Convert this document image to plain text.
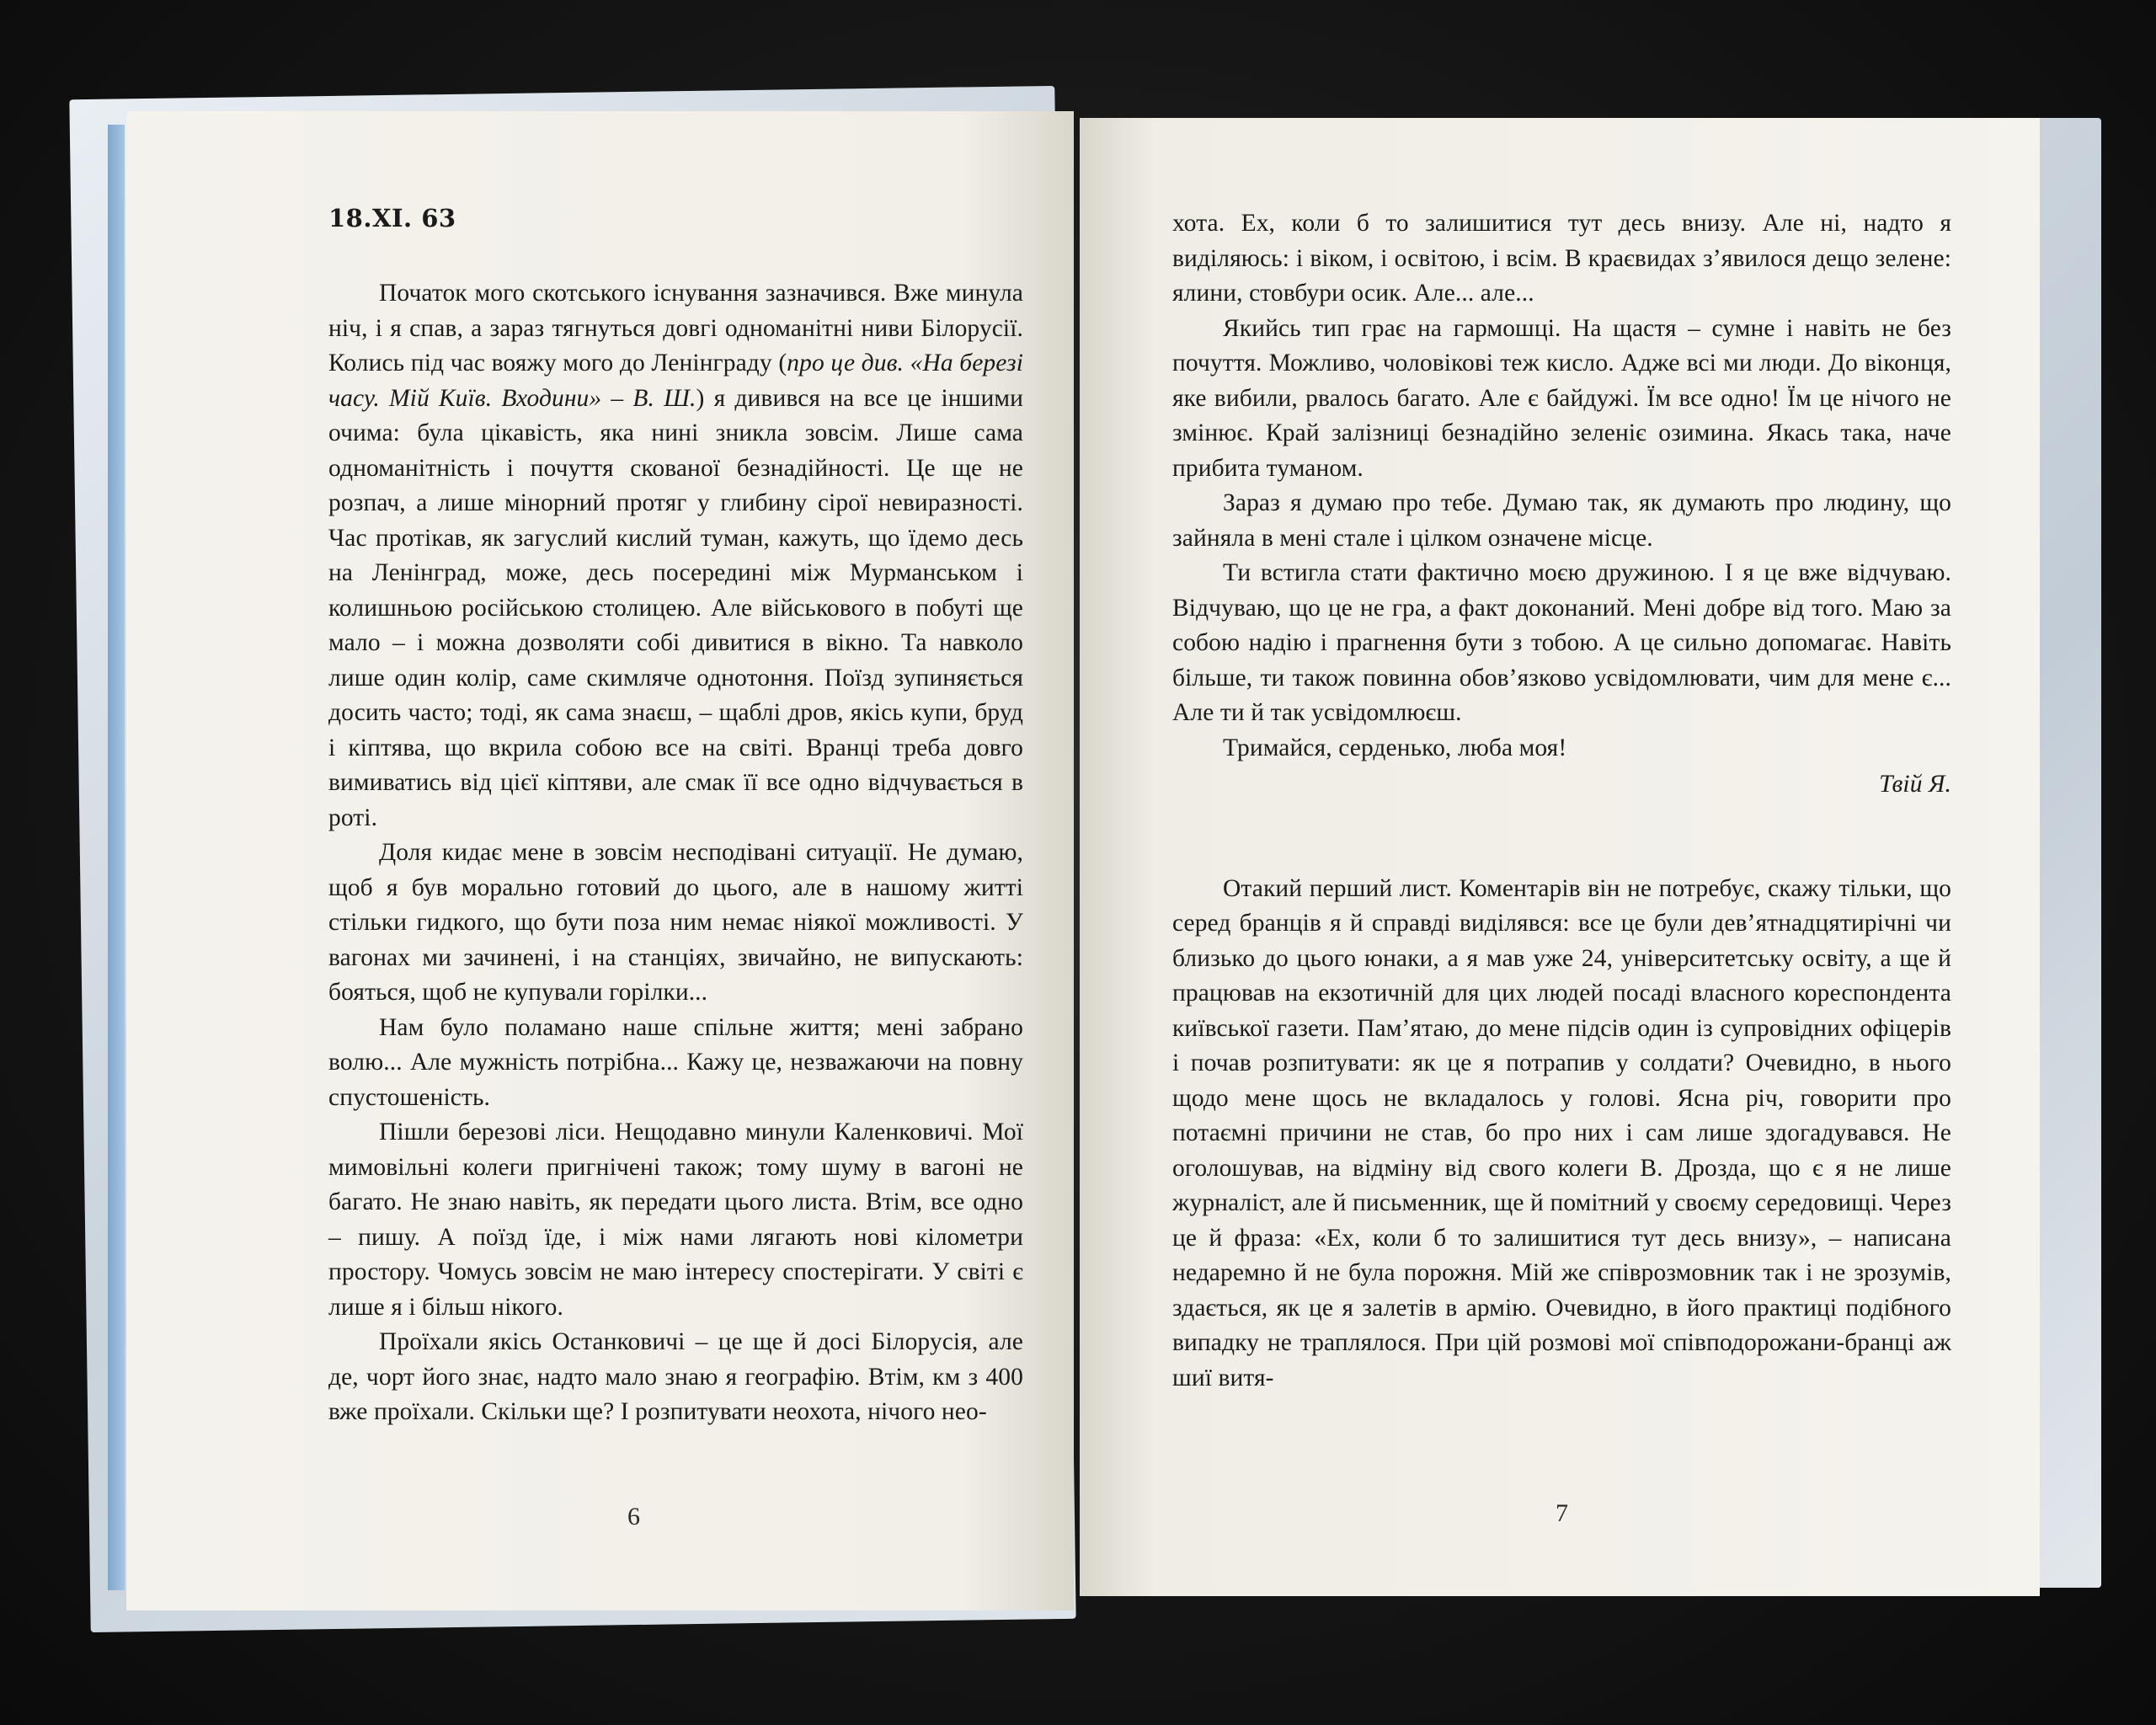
18.XI. 63

Початок мого скотського існування зазначився. Вже минула ніч, і я спав, а зараз тягнуться довгі одноманітні ниви Білорусії. Колись під час вояжу мого до Ленінграду (про це див. «На березі часу. Мій Київ. Входини» – В. Ш.) я дивився на все це іншими очима: була цікавість, яка нині зникла зовсім. Лише сама одноманітність і почуття скованої безнадійності. Це ще не розпач, а лише мінорний протяг у глибину сірої невиразності. Час протікав, як загуслий кислий туман, кажуть, що їдемо десь на Ленінград, може, десь посередині між Мурманськом і колишньою російською столицею. Але військового в побуті ще мало – і можна дозволяти собі дивитися в вікно. Та навколо лише один колір, саме скимляче однотоння. Поїзд зупиняється досить часто; тоді, як сама знаєш, – щаблі дров, якісь купи, бруд і кіптява, що вкрила собою все на світі. Вранці треба довго вимиватись від цієї кіптяви, але смак її все одно відчувається в роті.

Доля кидає мене в зовсім несподівані ситуації. Не думаю, щоб я був морально готовий до цього, але в нашому житті стільки гидкого, що бути поза ним немає ніякої можливості. У вагонах ми зачинені, і на станціях, звичайно, не випускають: бояться, щоб не купували горілки...

Нам було поламано наше спільне життя; мені забрано волю... Але мужність потрібна... Кажу це, незважаючи на повну спустошеність.

Пішли березові ліси. Нещодавно минули Каленковичі. Мої мимовільні колеги пригнічені також; тому шуму в вагоні не багато. Не знаю навіть, як передати цього листа. Втім, все одно – пишу. А поїзд їде, і між нами лягають нові кілометри простору. Чомусь зовсім не маю інтересу спостерігати. У світі є лише я і більш нікого.

Проїхали якісь Останковичі – це ще й досі Білорусія, але де, чорт його знає, надто мало знаю я географію. Втім, км з 400 вже проїхали. Скільки ще? І розпитувати неохота, нічого нео-

6

хота. Ех, коли б то залишитися тут десь внизу. Але ні, надто я виділяюсь: і віком, і освітою, і всім. В краєвидах з’явилося дещо зелене: ялини, стовбури осик. Але... але...

Якийсь тип грає на гармошці. На щастя – сумне і навіть не без почуття. Можливо, чоловікові теж кисло. Адже всі ми люди. До віконця, яке вибили, рвалось багато. Але є байдужі. Їм все одно! Їм це нічого не змінює. Край залізниці безнадійно зеленіє озимина. Якась така, наче прибита туманом.

Зараз я думаю про тебе. Думаю так, як думають про людину, що зайняла в мені стале і цілком означене місце.

Ти встигла стати фактично моєю дружиною. І я це вже відчуваю. Відчуваю, що це не гра, а факт доконаний. Мені добре від того. Маю за собою надію і прагнення бути з тобою. А це сильно допомагає. Навіть більше, ти також повинна обов’язково усвідомлювати, чим для мене є... Але ти й так усвідомлюєш.

Тримайся, серденько, люба моя!

Твій Я.

Отакий перший лист. Коментарів він не потребує, скажу тільки, що серед бранців я й справді виділявся: все це були дев’ятнадцятирічні чи близько до цього юнаки, а я мав уже 24, університетську освіту, а ще й працював на екзотичній для цих людей посаді власного кореспондента київської газети. Пам’ятаю, до мене підсів один із супровідних офіцерів і почав розпитувати: як це я потрапив у солдати? Очевидно, в нього щодо мене щось не вкладалось у голові. Ясна річ, говорити про потаємні причини не став, бо про них і сам лише здогадувався. Не оголошував, на відміну від свого колеги В. Дрозда, що є я не лише журналіст, але й письменник, ще й помітний у своєму середовищі. Через це й фраза: «Ех, коли б то залишитися тут десь внизу», – написана недаремно й не була порожня. Мій же співрозмовник так і не зрозумів, здається, як це я залетів в армію. Очевидно, в його практиці подібного випадку не траплялося. При цій розмові мої співподорожани-бранці аж шиї витя-

7
